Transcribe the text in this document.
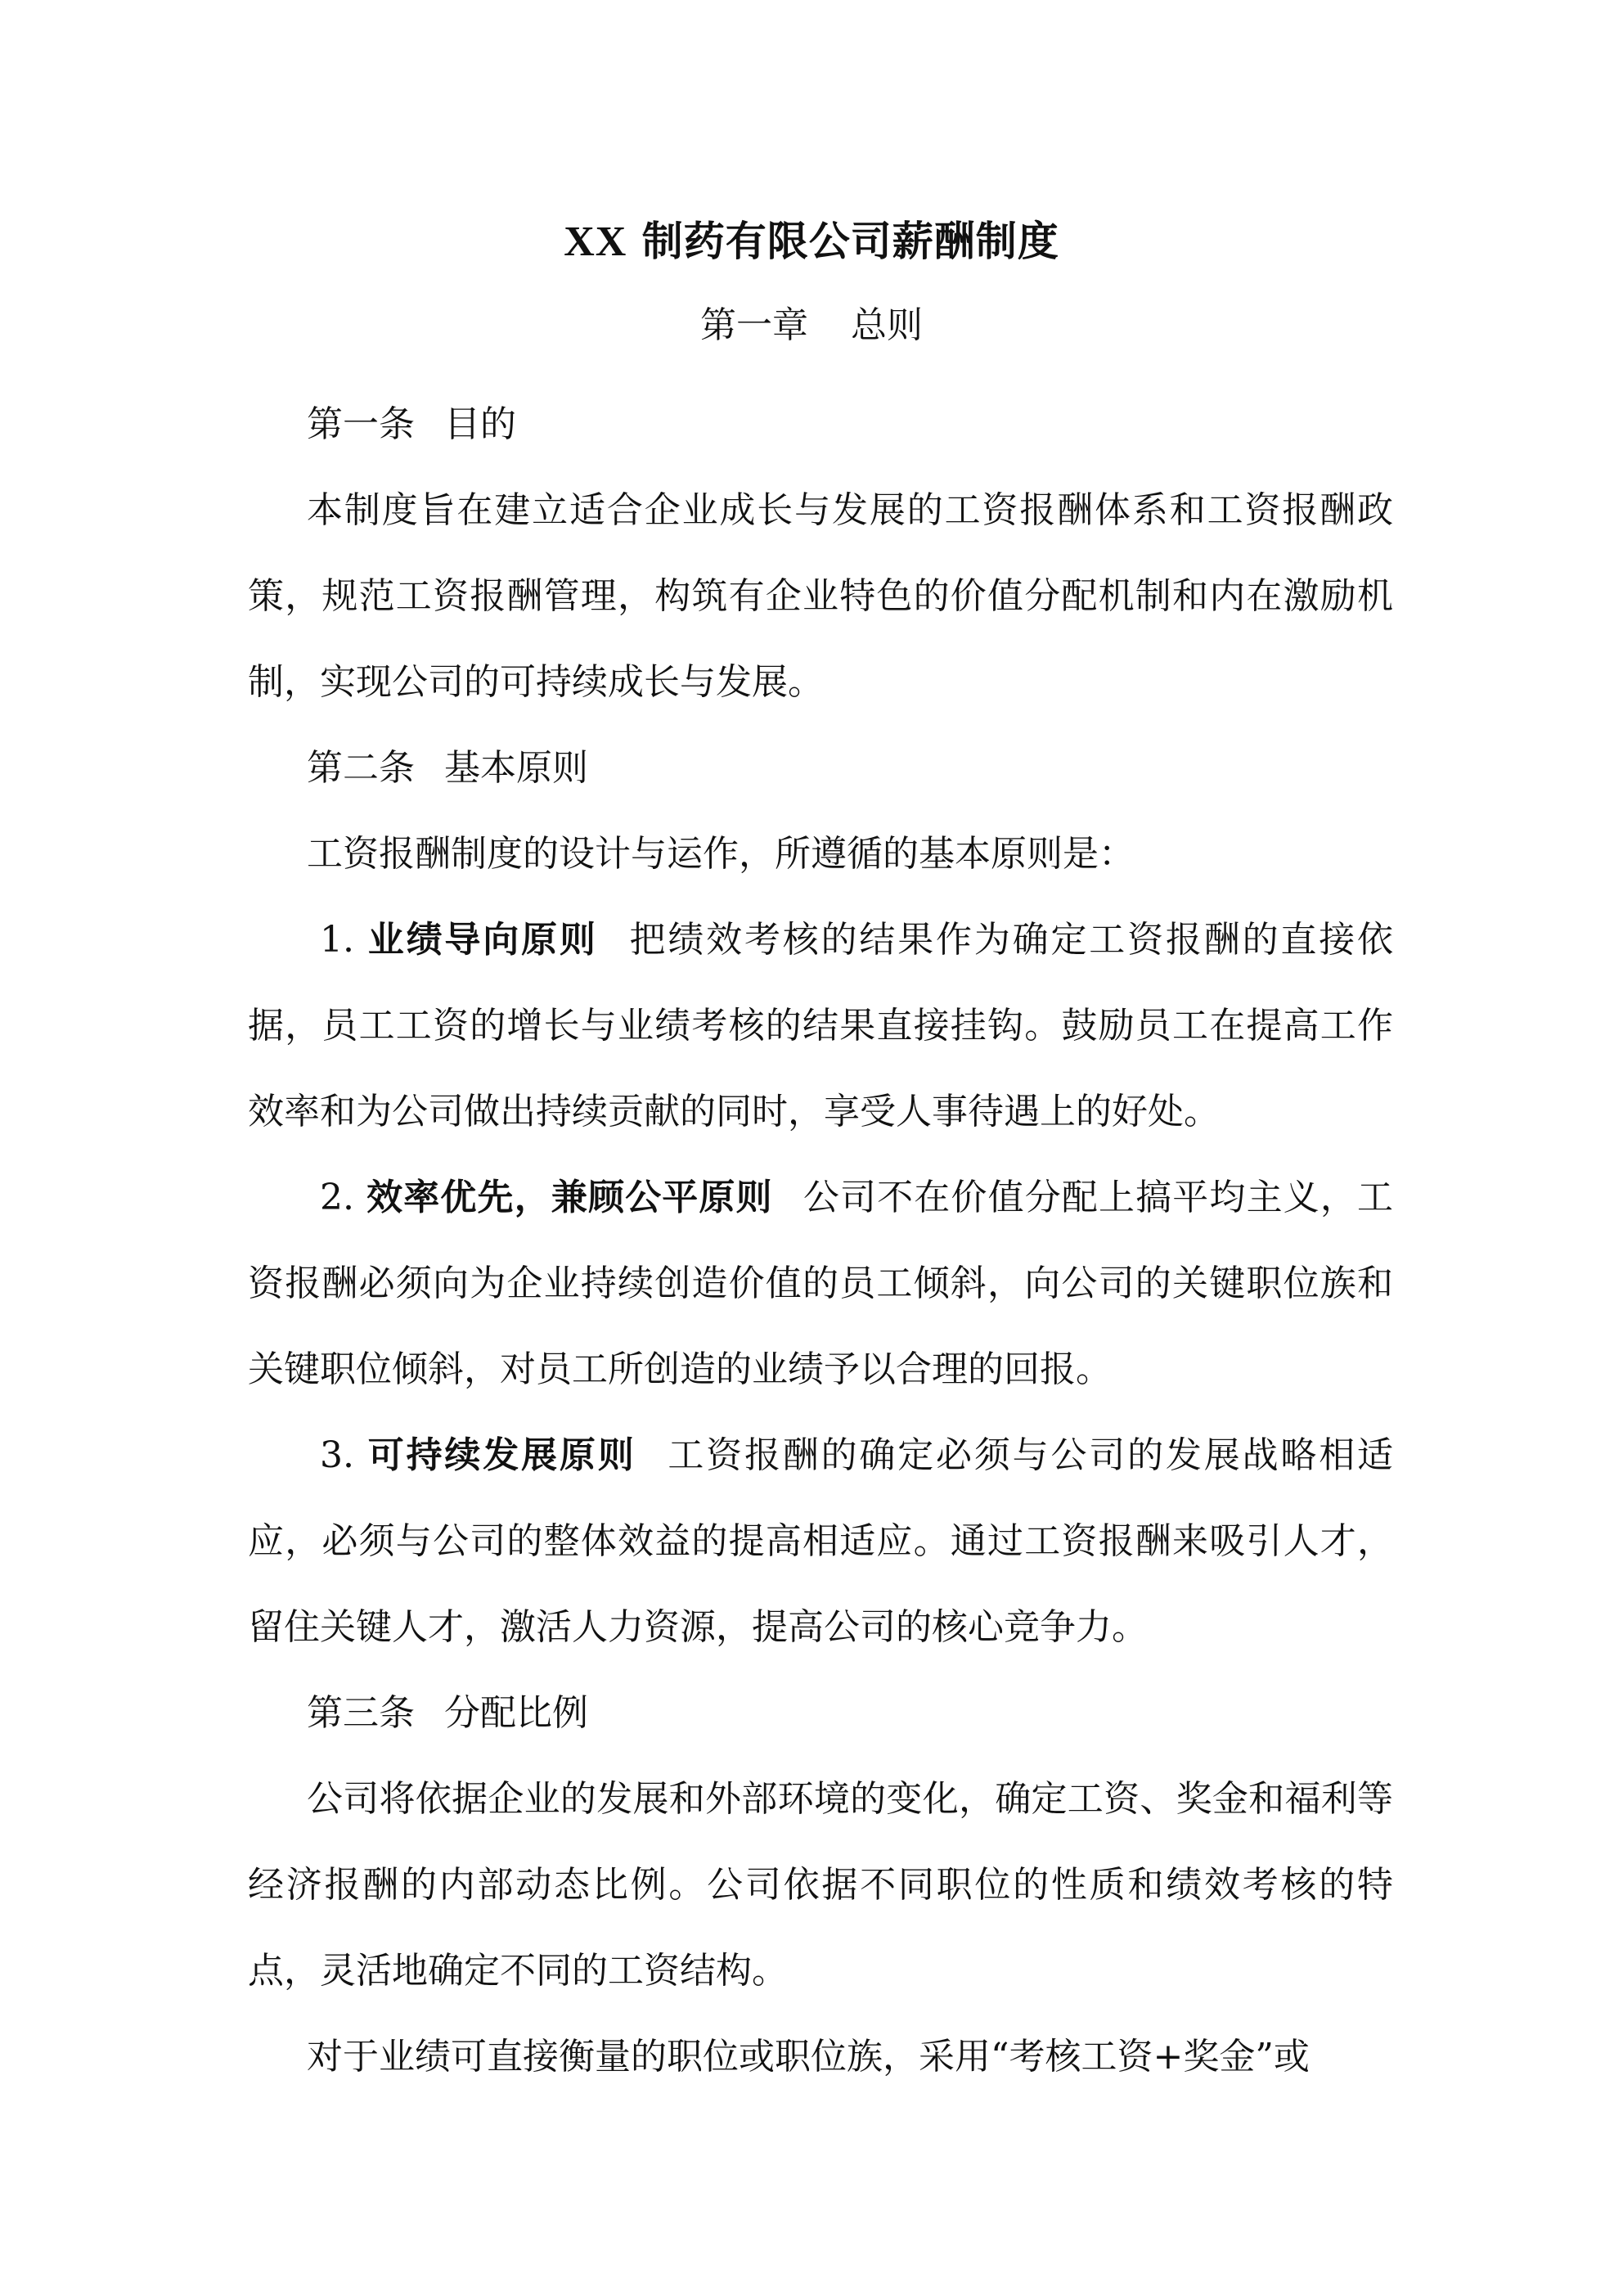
XX 制药有限公司薪酬制度
第一章 总则

第一条 目的

本制度旨在建立适合企业成长与发展的工资报酬体系和工资报酬政策，规范工资报酬管理，构筑有企业特色的价值分配机制和内在激励机制，实现公司的可持续成长与发展。

第二条 基本原则

工资报酬制度的设计与运作，所遵循的基本原则是：

1. 业绩导向原则 把绩效考核的结果作为确定工资报酬的直接依据，员工工资的增长与业绩考核的结果直接挂钩。鼓励员工在提高工作效率和为公司做出持续贡献的同时，享受人事待遇上的好处。

2. 效率优先，兼顾公平原则 公司不在价值分配上搞平均主义，工资报酬必须向为企业持续创造价值的员工倾斜，向公司的关键职位族和关键职位倾斜，对员工所创造的业绩予以合理的回报。

3. 可持续发展原则 工资报酬的确定必须与公司的发展战略相适应，必须与公司的整体效益的提高相适应。通过工资报酬来吸引人才，留住关键人才，激活人力资源，提高公司的核心竞争力。

第三条 分配比例

公司将依据企业的发展和外部环境的变化，确定工资、奖金和福利等经济报酬的内部动态比例。公司依据不同职位的性质和绩效考核的特点，灵活地确定不同的工资结构。

对于业绩可直接衡量的职位或职位族，采用“考核工资+奖金”或
